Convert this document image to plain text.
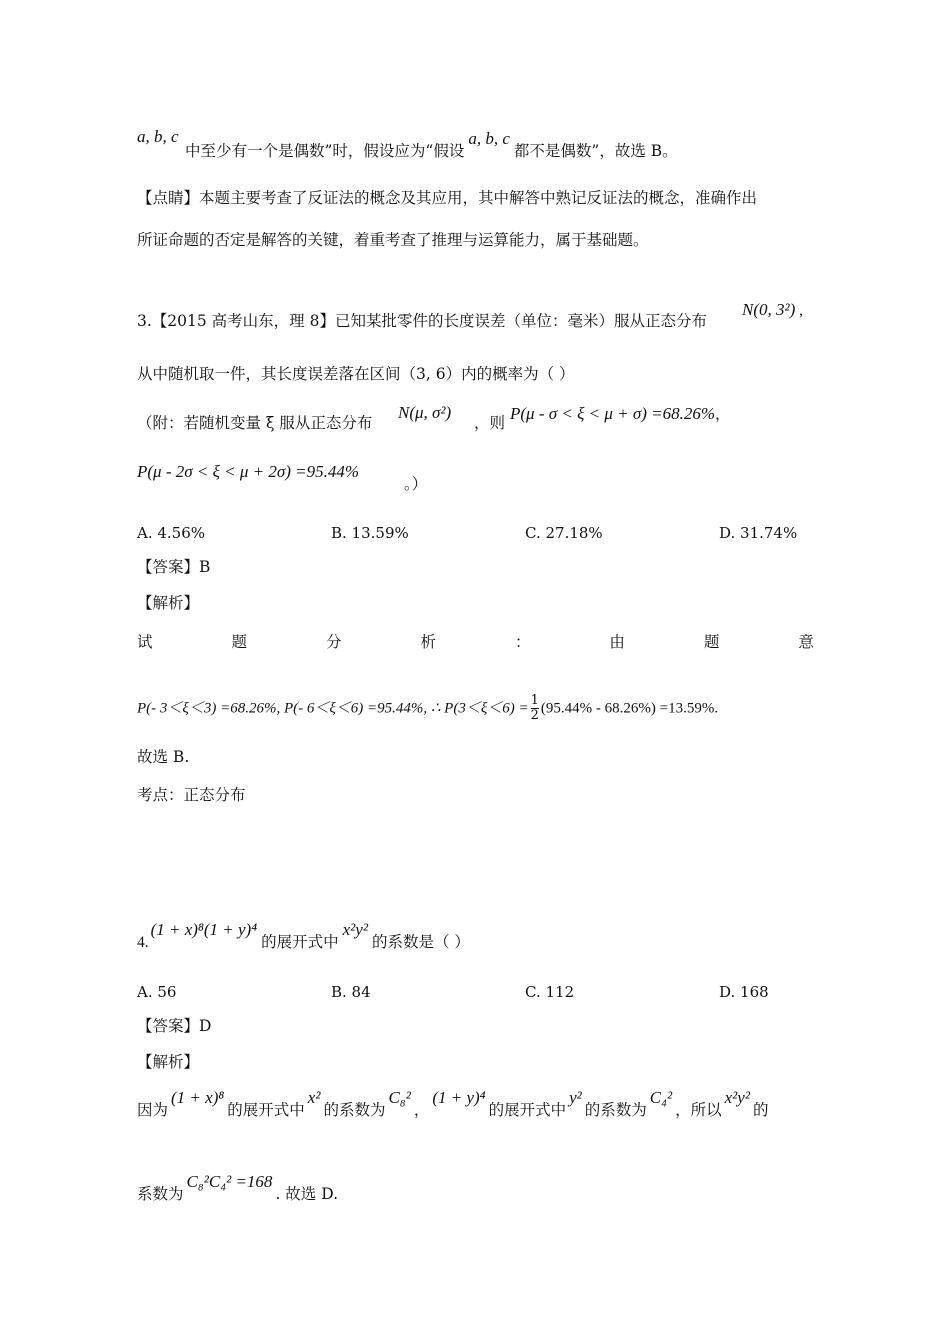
a, b, c
中至少有一个是偶数”时，假设应为“假设a, b, c都不是偶数”，故选 B。
【点睛】本题主要考查了反证法的概念及其应用，其中解答中熟记反证法的概念，准确作出
所证命题的否定是解答的关键，着重考查了推理与运算能力，属于基础题。
3.【2015 高考山东，理 8】已知某批零件的长度误差（单位：毫米）服从正态分布
N(0, 3²) ,
从中随机取一件，其长度误差落在区间（3, 6）内的概率为（ ）
（附：若随机变量 ξ 服从正态分布
N(μ, σ²)
，则 P(μ - σ < ξ < μ + σ) =68.26%，
P(μ - 2σ < ξ < μ + 2σ) =95.44%
。）
A. 4.56%	B. 13.59%	C. 27.18%	D. 31.74%
【答案】B
【解析】
试	题	分	析	：	由	题	意
P(- 3＜ξ＜3) =68.26%, P(- 6＜ξ＜6) =95.44%, ∴ $P(3<\xi<6) = \frac{1}{2} (95.44\% - 68.26\%) =13.59\%$.
故选 B.
考点：正态分布
4.(1 + x)⁸(1 + y)⁴的展开式中x²y²的系数是（ ）
A. 56	B. 84	C. 112	D. 168
【答案】D
【解析】
因为(1 + x)⁸的展开式中x²的系数为C₈²，(1 + y)⁴的展开式中y²的系数为C₄²，所以x²y²的
系数为C₈²C₄² =168. 故选 D.
